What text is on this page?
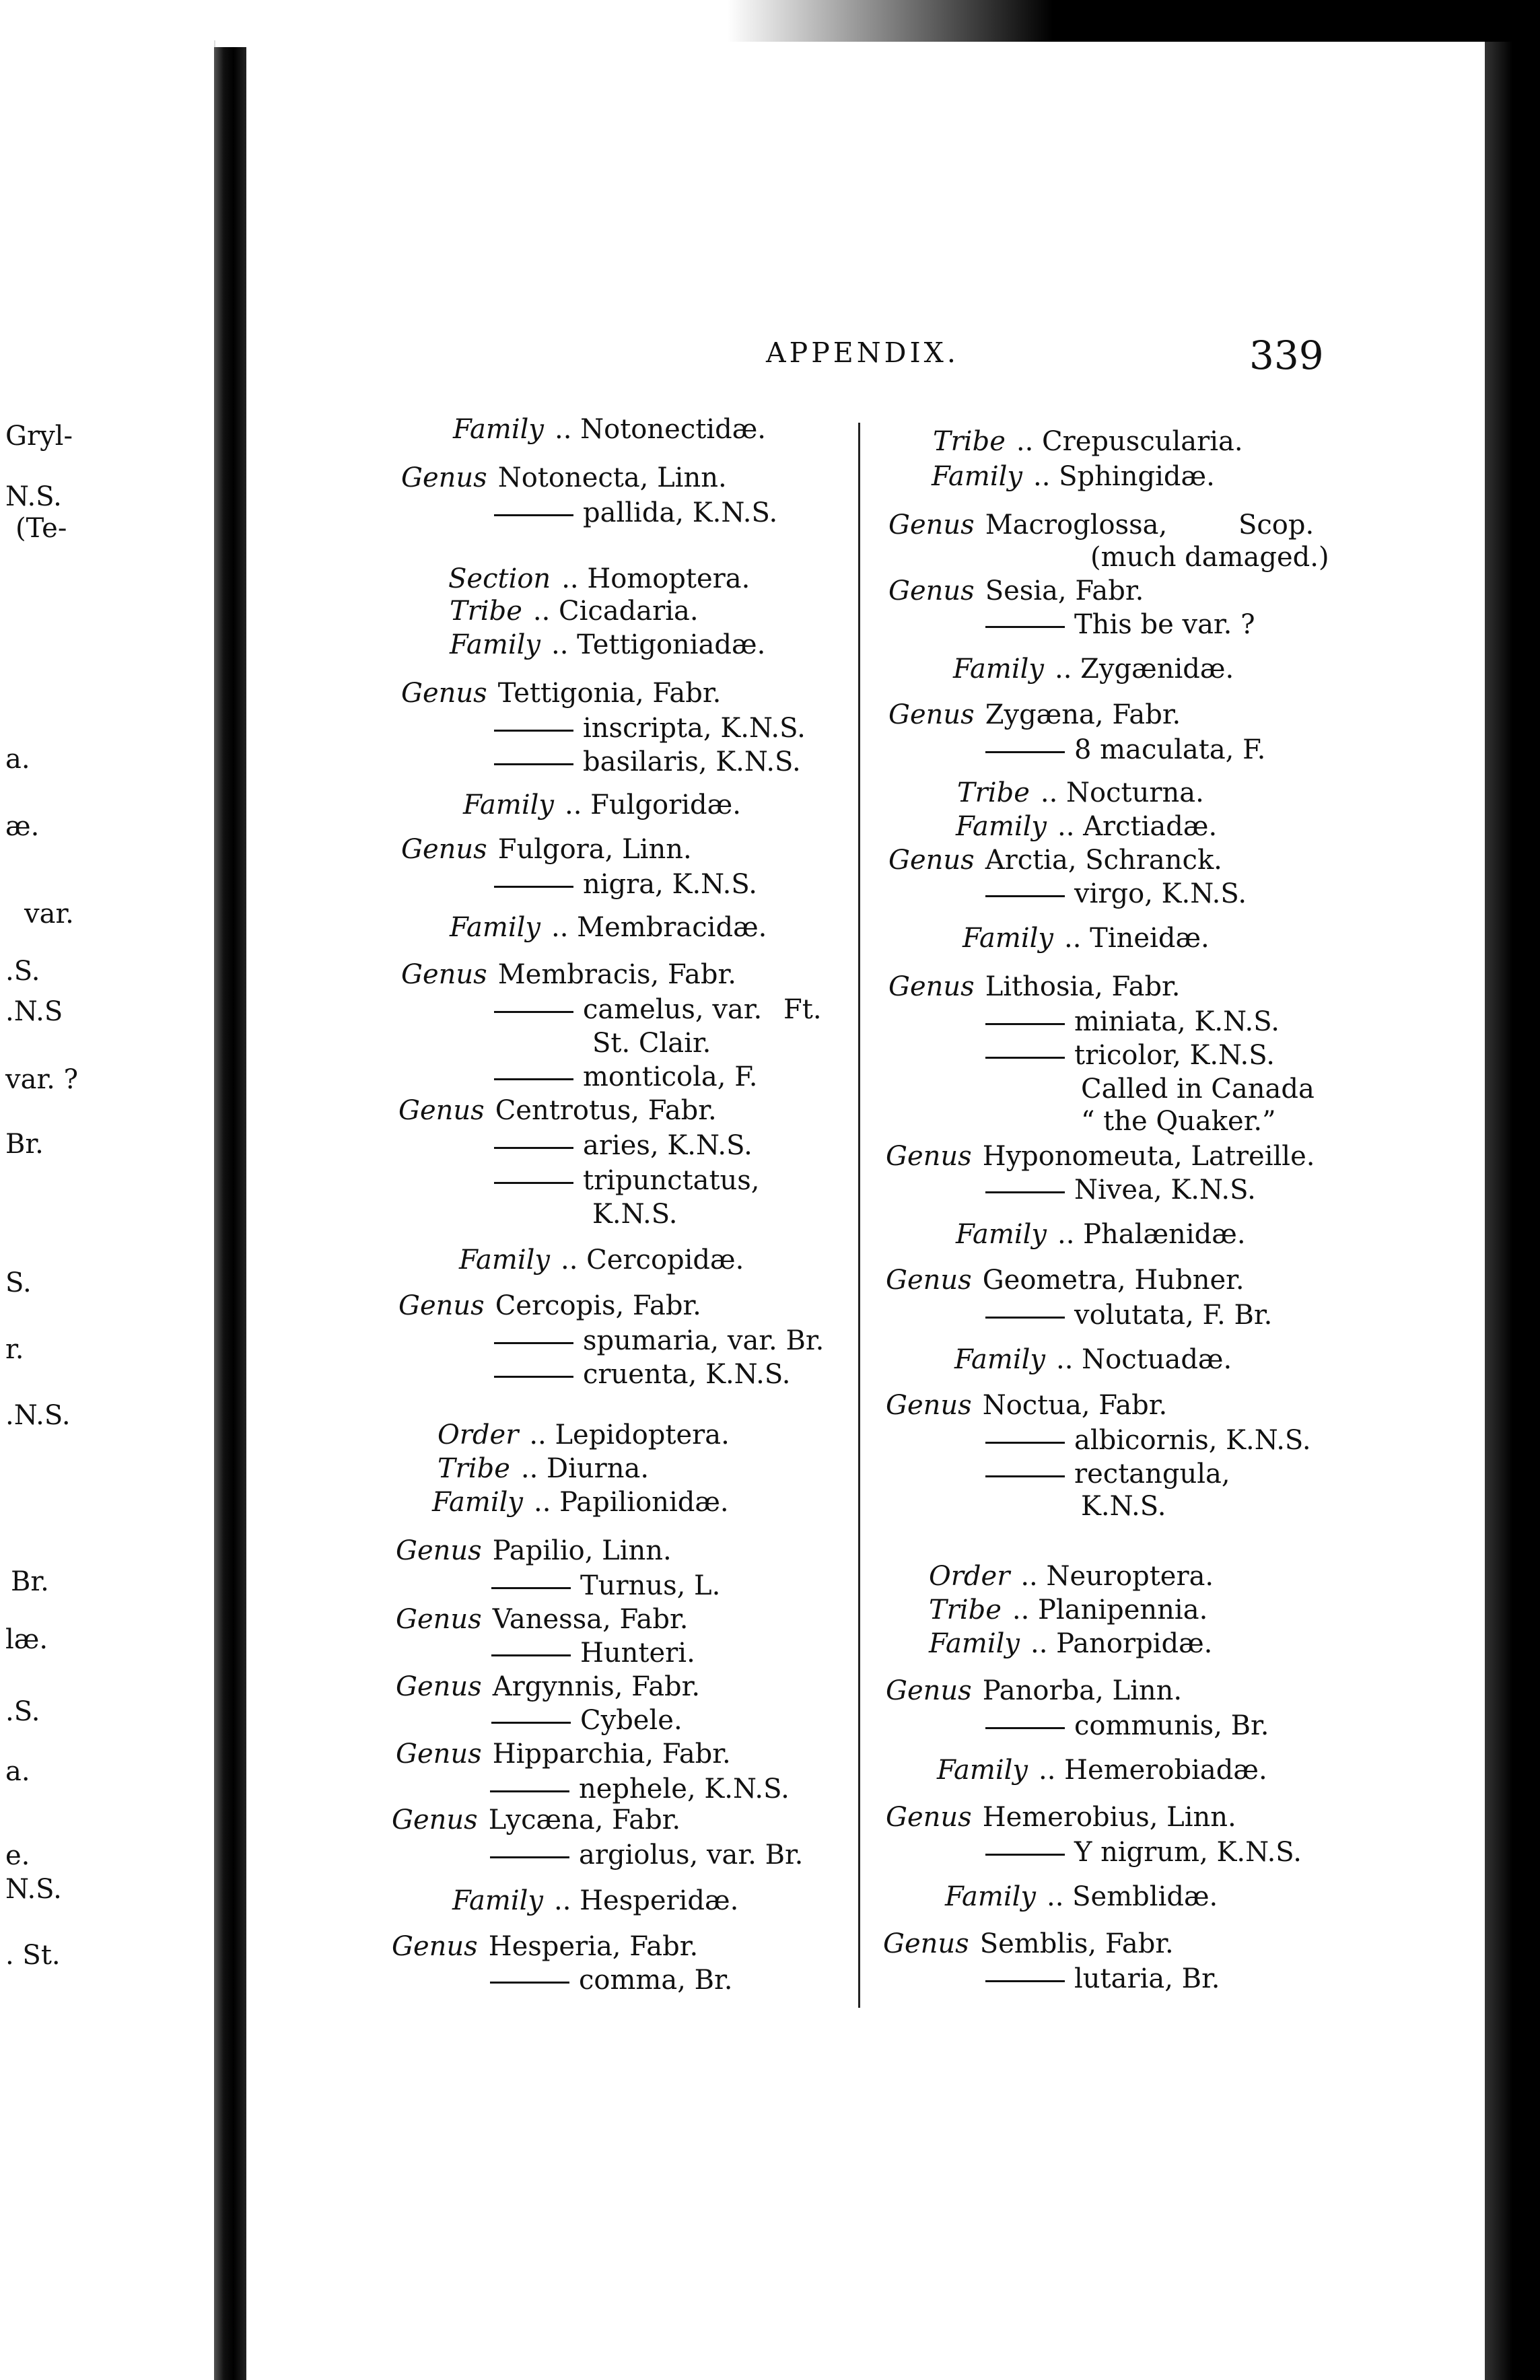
Gryl-
N.S.
(Te-
a.
æ.
var.
.S.
.N.S
var. ?
Br.
S.
r.
.N.S.
Br.
læ.
.S.
a.
e.
N.S.
. St.
APPENDIX.	339
Family .. Notonectidæ.
Genus Notonecta, Linn.
pallida, K.N.S.
Section .. Homoptera.
Tribe .. Cicadaria.
Family .. Tettigoniadæ.
Genus Tettigonia, Fabr.
inscripta, K.N.S.
basilaris, K.N.S.
Family .. Fulgoridæ.
Genus Fulgora, Linn.
nigra, K.N.S.
Family .. Membracidæ.
Genus Membracis, Fabr.
camelus, var. Ft.
St. Clair.
monticola, F.
Genus Centrotus, Fabr.
aries, K.N.S.
tripunctatus,
K.N.S.
Family .. Cercopidæ.
Genus Cercopis, Fabr.
spumaria, var. Br.
cruenta, K.N.S.
Order .. Lepidoptera.
Tribe .. Diurna.
Family .. Papilionidæ.
Genus Papilio, Linn.
Turnus, L.
Genus Vanessa, Fabr.
Hunteri.
Genus Argynnis, Fabr.
Cybele.
Genus Hipparchia, Fabr.
nephele, K.N.S.
Genus Lycæna, Fabr.
argiolus, var. Br.
Family .. Hesperidæ.
Genus Hesperia, Fabr.
comma, Br.
Tribe .. Crepuscularia.
Family .. Sphingidæ.
Genus Macroglossa,	Scop.
(much damaged.)
Genus Sesia, Fabr.
This be var. ?
Family .. Zygænidæ.
Genus Zygæna, Fabr.
8 maculata, F.
Tribe .. Nocturna.
Family .. Arctiadæ.
Genus Arctia, Schranck.
virgo, K.N.S.
Family .. Tineidæ.
Genus Lithosia, Fabr.
miniata, K.N.S.
tricolor, K.N.S.
Called in Canada
“ the Quaker.”
Genus Hyponomeuta, Latreille.
Nivea, K.N.S.
Family .. Phalænidæ.
Genus Geometra, Hubner.
volutata, F. Br.
Family .. Noctuadæ.
Genus Noctua, Fabr.
albicornis, K.N.S.
rectangula,
K.N.S.
Order .. Neuroptera.
Tribe .. Planipennia.
Family .. Panorpidæ.
Genus Panorba, Linn.
communis, Br.
Family .. Hemerobiadæ.
Genus Hemerobius, Linn.
Y nigrum, K.N.S.
Family .. Semblidæ.
Genus Semblis, Fabr.
lutaria, Br.
